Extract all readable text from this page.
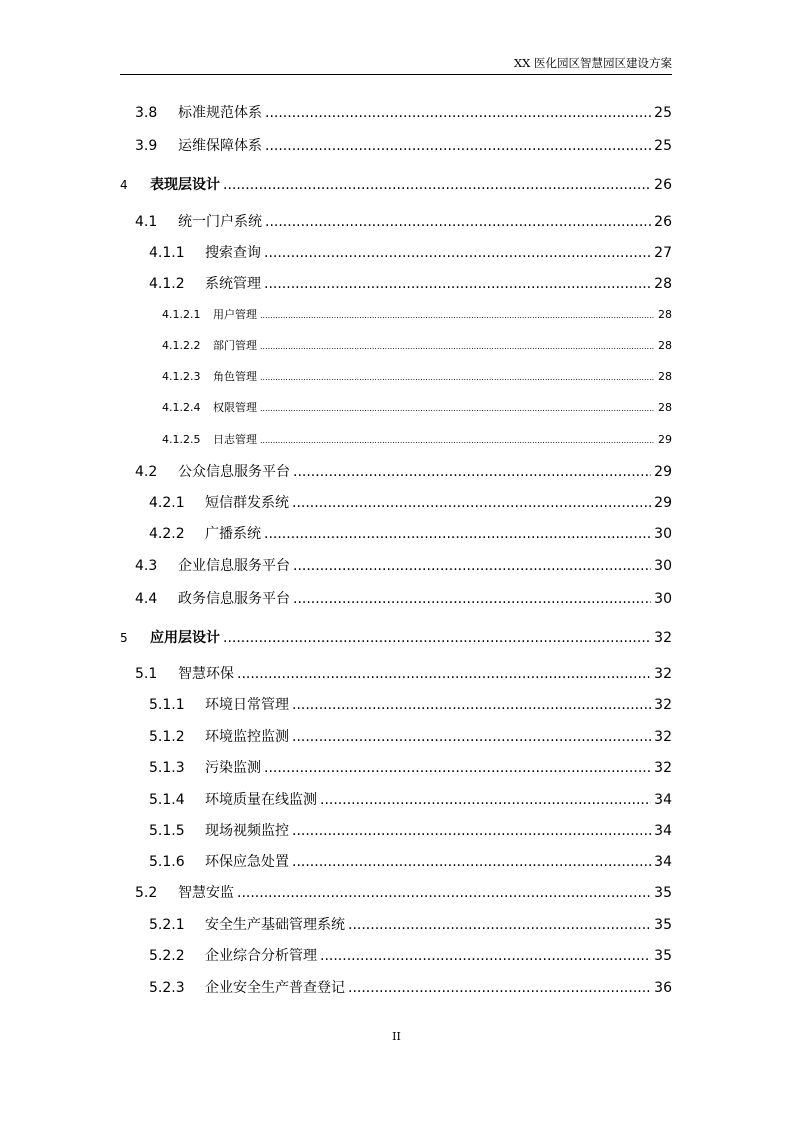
XX 医化园区智慧园区建设方案
3.8	标准规范体系 .....	25
3.9	运维保障体系 .....	25
4	表现层设计 .....	26
4.1	统一门户系统 .....	26
4.1.1	搜索查询 .....	27
4.1.2	系统管理 .....	28
4.1.2.1	用户管理 .....	28
4.1.2.2	部门管理 .....	28
4.1.2.3	角色管理 .....	28
4.1.2.4	权限管理 .....	28
4.1.2.5	日志管理 .....	29
4.2	公众信息服务平台 .....	29
4.2.1	短信群发系统 .....	29
4.2.2	广播系统 .....	30
4.3	企业信息服务平台 .....	30
4.4	政务信息服务平台 .....	30
5	应用层设计 .....	32
5.1	智慧环保 .....	32
5.1.1	环境日常管理 .....	32
5.1.2	环境监控监测 .....	32
5.1.3	污染监测 .....	32
5.1.4	环境质量在线监测 .....	34
5.1.5	现场视频监控 .....	34
5.1.6	环保应急处置 .....	34
5.2	智慧安监 .....	35
5.2.1	安全生产基础管理系统 .....	35
5.2.2	企业综合分析管理 .....	35
5.2.3	企业安全生产普查登记 .....	36
II
